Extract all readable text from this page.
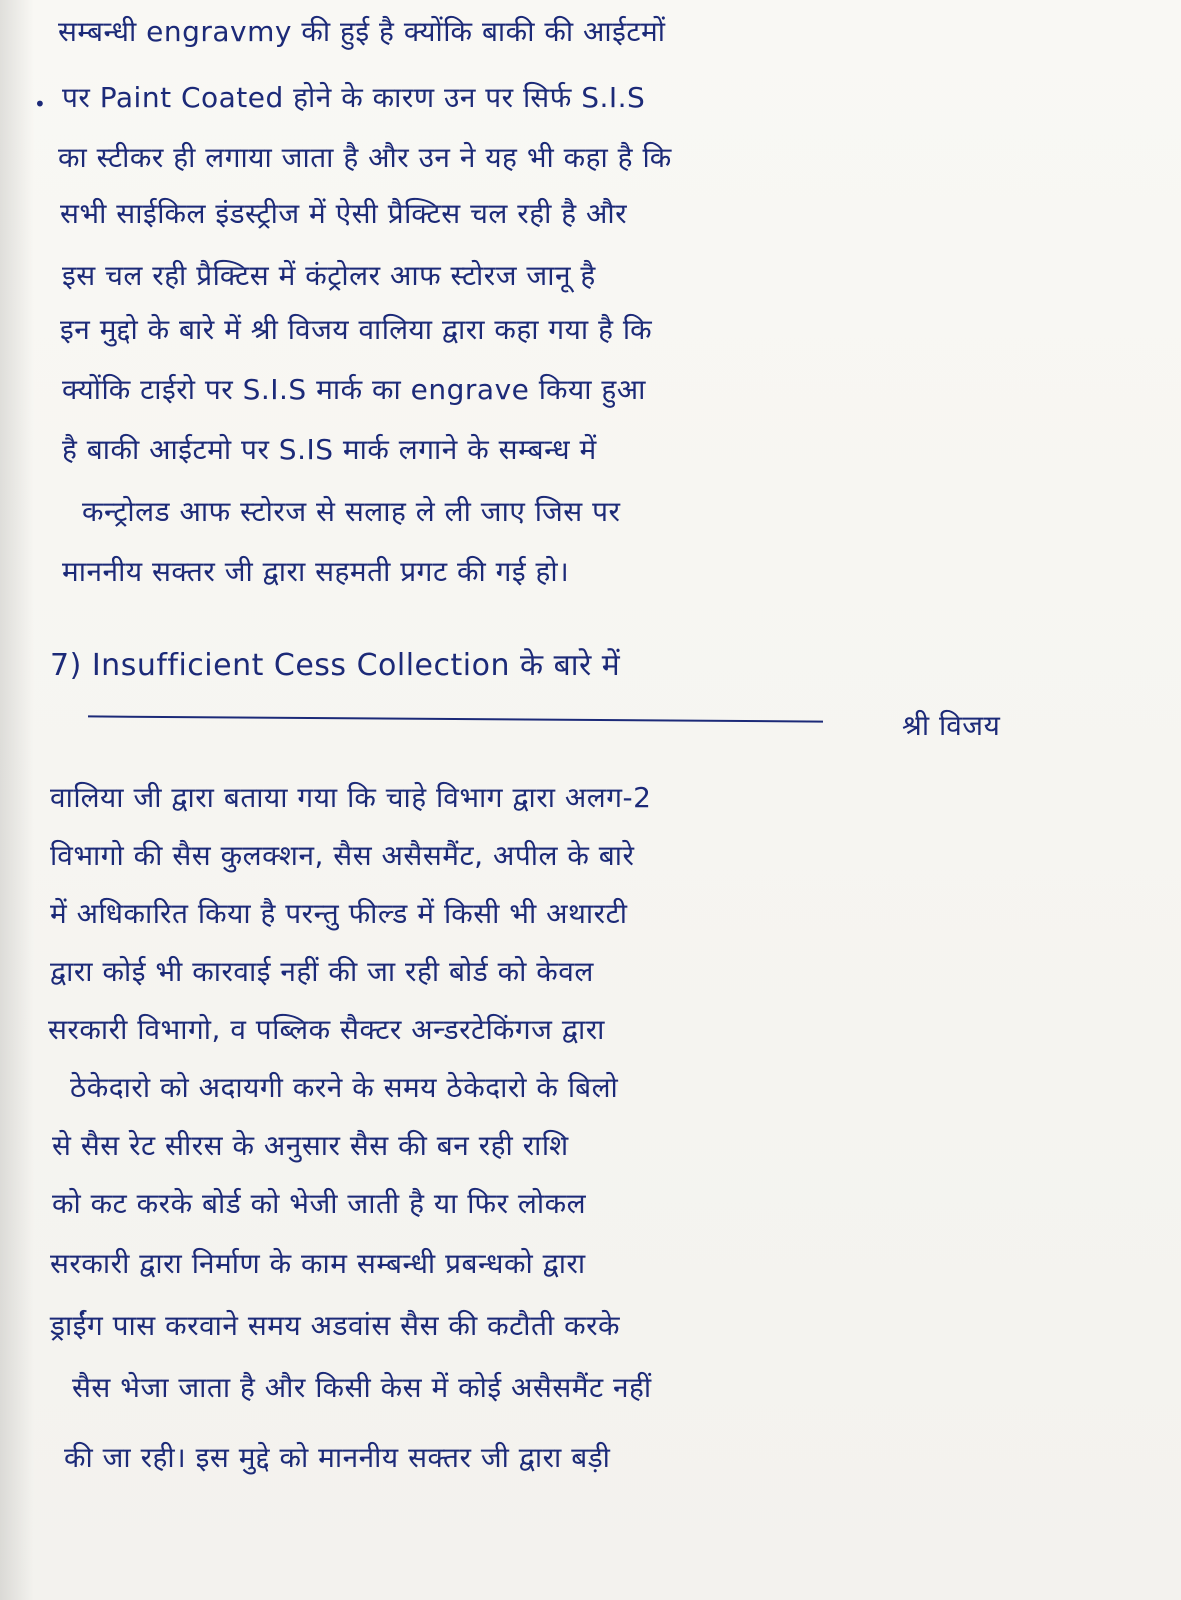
सम्बन्धी engravmy की हुई है क्योंकि बाकी की आईटमों
• पर Paint Coated होने के कारण उन पर सिर्फ S.I.S
का स्टीकर ही लगाया जाता है और उन ने यह भी कहा है कि
सभी साईकिल इंडस्ट्रीज में ऐसी प्रैक्टिस चल रही है और
इस चल रही प्रैक्टिस में कंट्रोलर आफ स्टोरज जानू है
इन मुद्दो के बारे में श्री विजय वालिया द्वारा कहा गया है कि
क्योंकि टाईरो पर S.I.S मार्क का engrave किया हुआ
है बाकी आईटमो पर S.IS मार्क लगाने के सम्बन्ध में
कन्ट्रोलड आफ स्टोरज से सलाह ले ली जाए जिस पर
माननीय सक्तर जी द्वारा सहमती प्रगट की गई हो।
7) Insufficient Cess Collection के बारे में
श्री विजय
वालिया जी द्वारा बताया गया कि चाहे विभाग द्वारा अलग-2
विभागो की सैस कुलक्शन, सैस असैसमैंट, अपील के बारे
में अधिकारित किया है परन्तु फील्ड में किसी भी अथारटी
द्वारा कोई भी कारवाई नहीं की जा रही बोर्ड को केवल
सरकारी विभागो, व पब्लिक सैक्टर अन्डरटेकिंगज द्वारा
ठेकेदारो को अदायगी करने के समय ठेकेदारो के बिलो
से सैस रेट सीरस के अनुसार सैस की बन रही राशि
को कट करके बोर्ड को भेजी जाती है या फिर लोकल
सरकारी द्वारा निर्माण के काम सम्बन्धी प्रबन्धको द्वारा
ड्राईंग पास करवाने समय अडवांस सैस की कटौती करके
सैस भेजा जाता है और किसी केस में कोई असैसमैंट नहीं
की जा रही। इस मुद्दे को माननीय सक्तर जी द्वारा बड़ी
